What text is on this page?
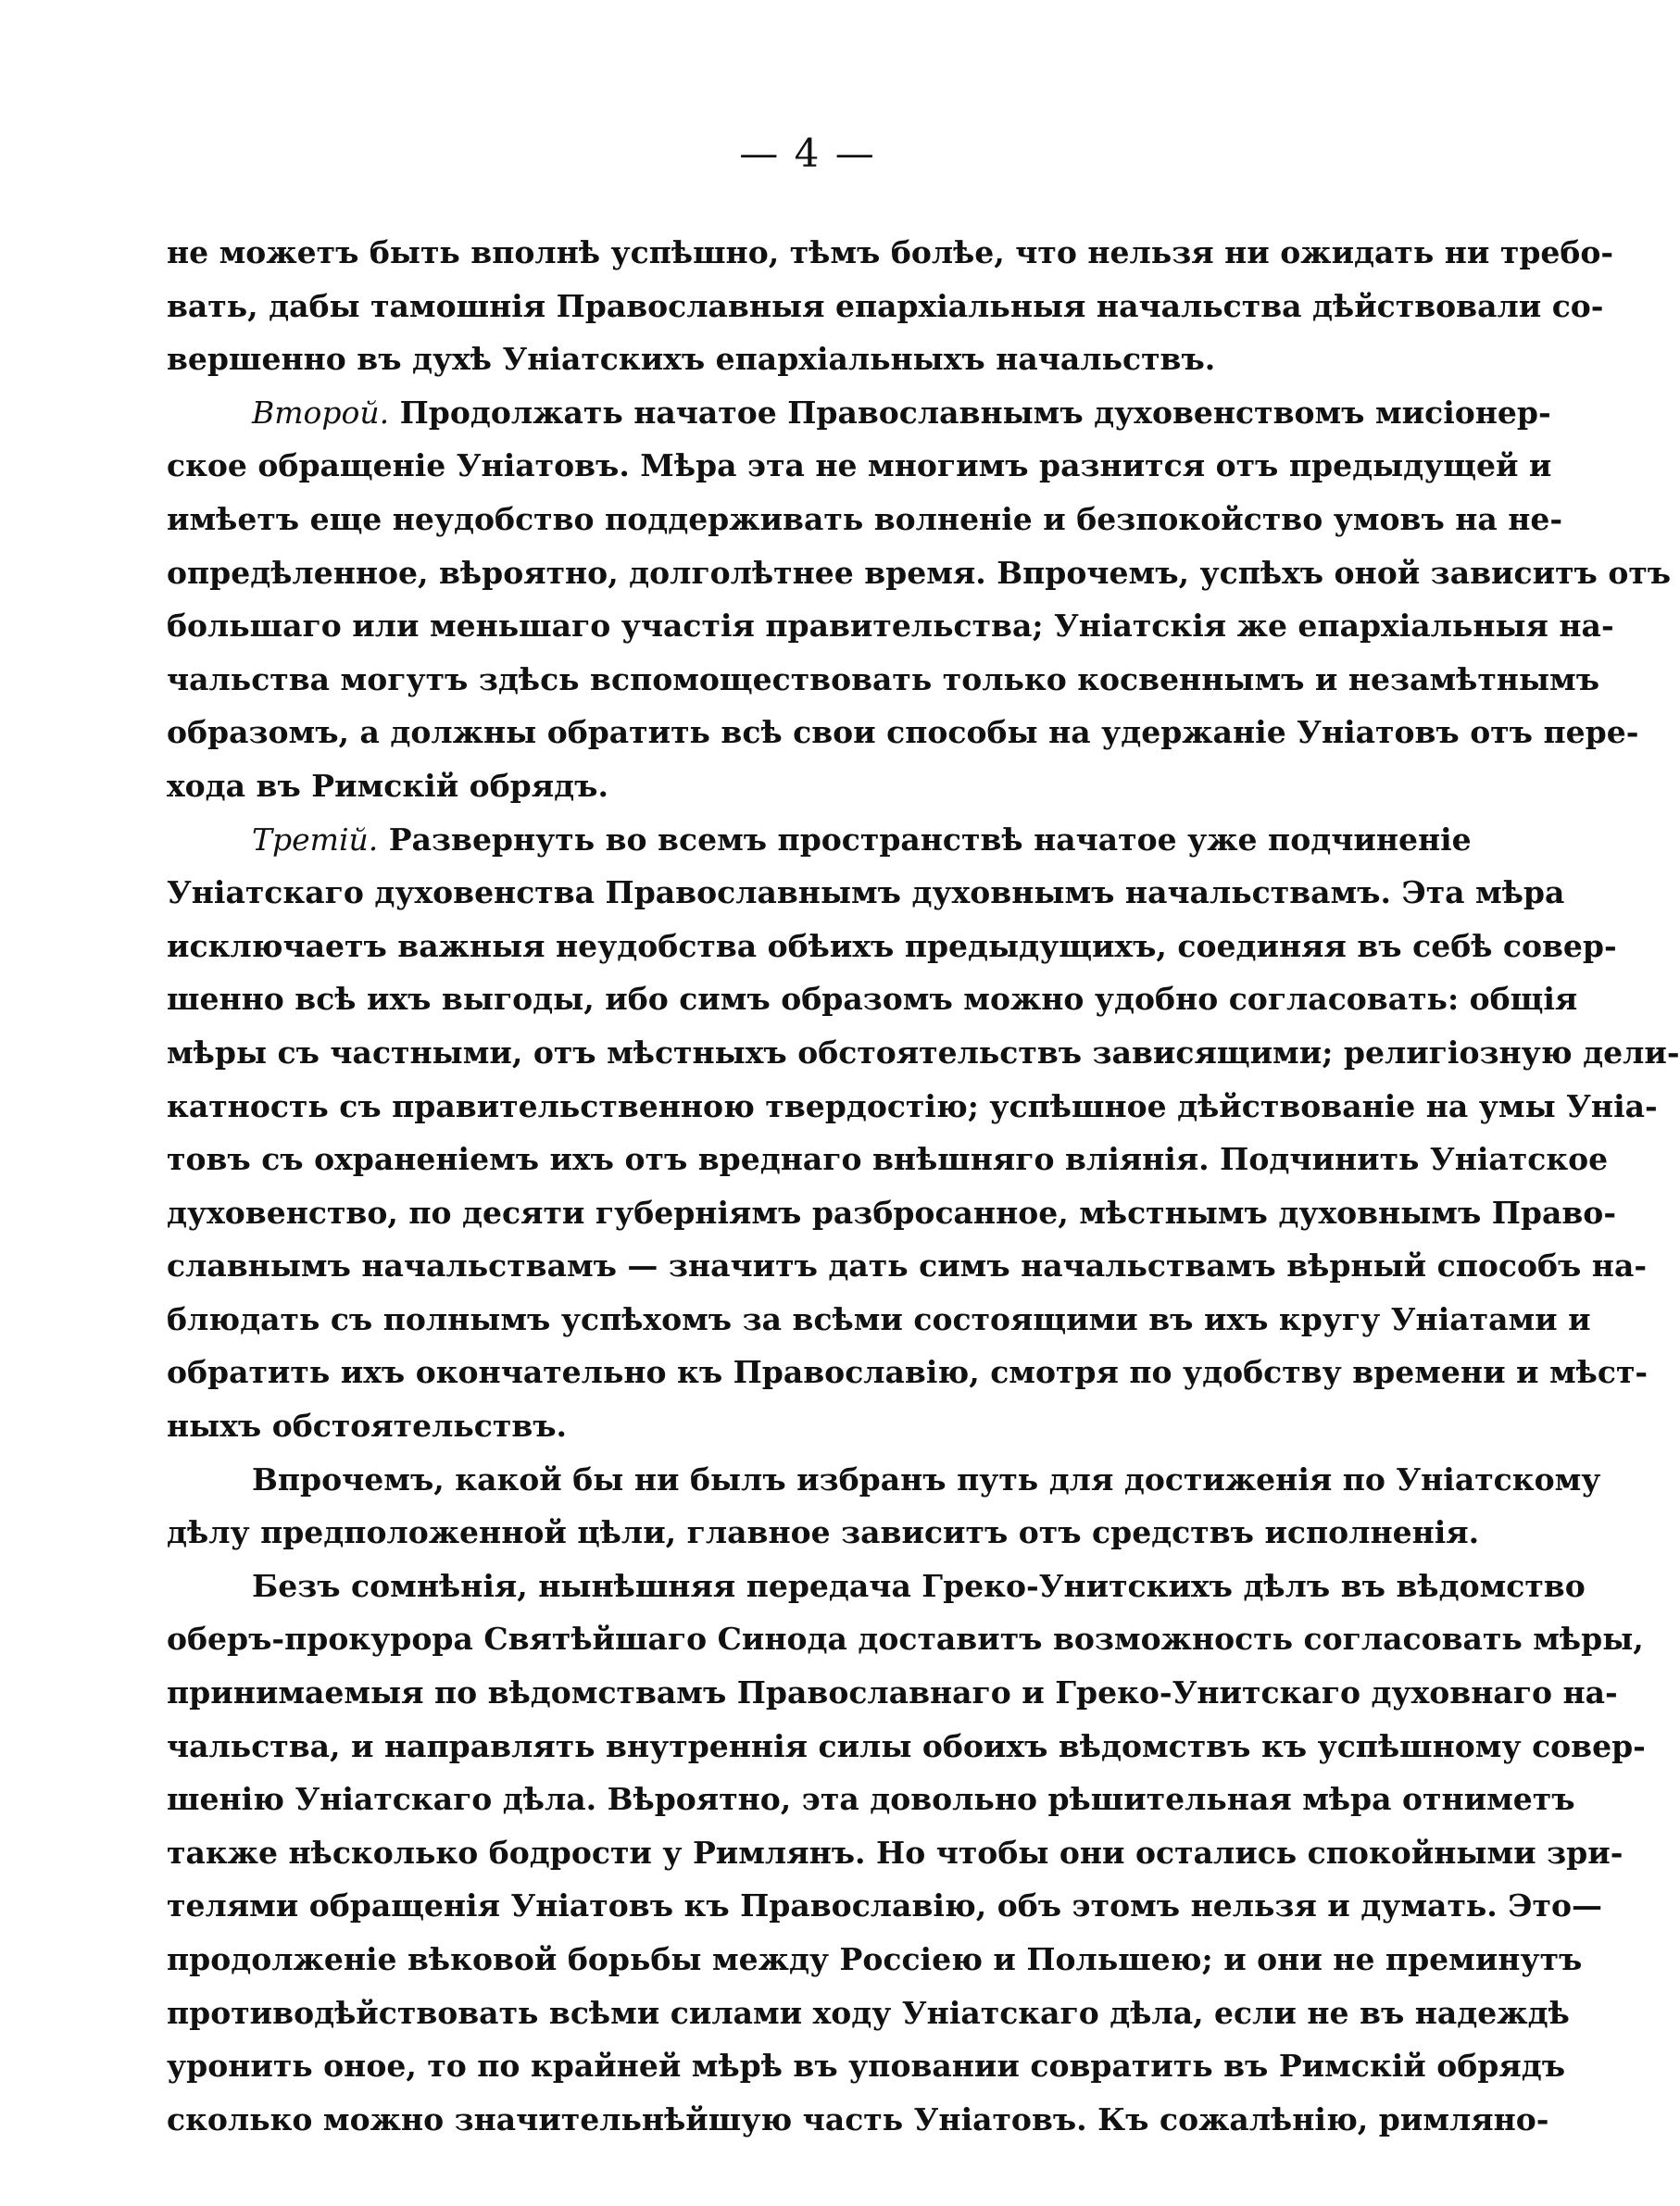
— 4 —
не можетъ быть вполнѣ успѣшно, тѣмъ болѣе, что нельзя ни ожидать ни требо-
вать, дабы тамошнія Православныя епархіальныя начальства дѣйствовали со-
вершенно въ духѣ Уніатскихъ епархіальныхъ начальствъ.
Второй. Продолжать начатое Православнымъ духовенствомъ мисіонер-
ское обращеніе Уніатовъ. Мѣра эта не многимъ разнится отъ предыдущей и
имѣетъ еще неудобство поддерживать волненіе и безпокойство умовъ на не-
опредѣленное, вѣроятно, долголѣтнее время. Впрочемъ, успѣхъ оной зависитъ отъ
большаго или меньшаго участія правительства; Уніатскія же епархіальныя на-
чальства могутъ здѣсь вспомоществовать только косвеннымъ и незамѣтнымъ
образомъ, а должны обратить всѣ свои способы на удержаніе Уніатовъ отъ пере-
хода въ Римскій обрядъ.
Третій. Развернуть во всемъ пространствѣ начатое уже подчиненіе
Уніатскаго духовенства Православнымъ духовнымъ начальствамъ. Эта мѣра
исключаетъ важныя неудобства обѣихъ предыдущихъ, соединяя въ себѣ совер-
шенно всѣ ихъ выгоды, ибо симъ образомъ можно удобно согласовать: общія
мѣры съ частными, отъ мѣстныхъ обстоятельствъ зависящими; религіозную дели-
катность съ правительственною твердостію; успѣшное дѣйствованіе на умы Уніа-
товъ съ охраненіемъ ихъ отъ вреднаго внѣшняго вліянія. Подчинить Уніатское
духовенство, по десяти губерніямъ разбросанное, мѣстнымъ духовнымъ Право-
славнымъ начальствамъ — значитъ дать симъ начальствамъ вѣрный способъ на-
блюдать съ полнымъ успѣхомъ за всѣми состоящими въ ихъ кругу Уніатами и
обратить ихъ окончательно къ Православію, смотря по удобству времени и мѣст-
ныхъ обстоятельствъ.
Впрочемъ, какой бы ни былъ избранъ путь для достиженія по Уніатскому
дѣлу предположенной цѣли, главное зависитъ отъ средствъ исполненія.
Безъ сомнѣнія, нынѣшняя передача Греко-Унитскихъ дѣлъ въ вѣдомство
оберъ-прокурора Святѣйшаго Синода доставитъ возможность согласовать мѣры,
принимаемыя по вѣдомствамъ Православнаго и Греко-Унитскаго духовнаго на-
чальства, и направлять внутреннія силы обоихъ вѣдомствъ къ успѣшному совер-
шенію Уніатскаго дѣла. Вѣроятно, эта довольно рѣшительная мѣра отниметъ
также нѣсколько бодрости у Римлянъ. Но чтобы они остались спокойными зри-
телями обращенія Уніатовъ къ Православію, объ этомъ нельзя и думать. Это—
продолженіе вѣковой борьбы между Россіею и Польшею; и они не преминутъ
противодѣйствовать всѣми силами ходу Уніатскаго дѣла, если не въ надеждѣ
уронить оное, то по крайней мѣрѣ въ уповании совратить въ Римскій обрядъ
сколько можно значительнѣйшую часть Уніатовъ. Къ сожалѣнію, римляно-
